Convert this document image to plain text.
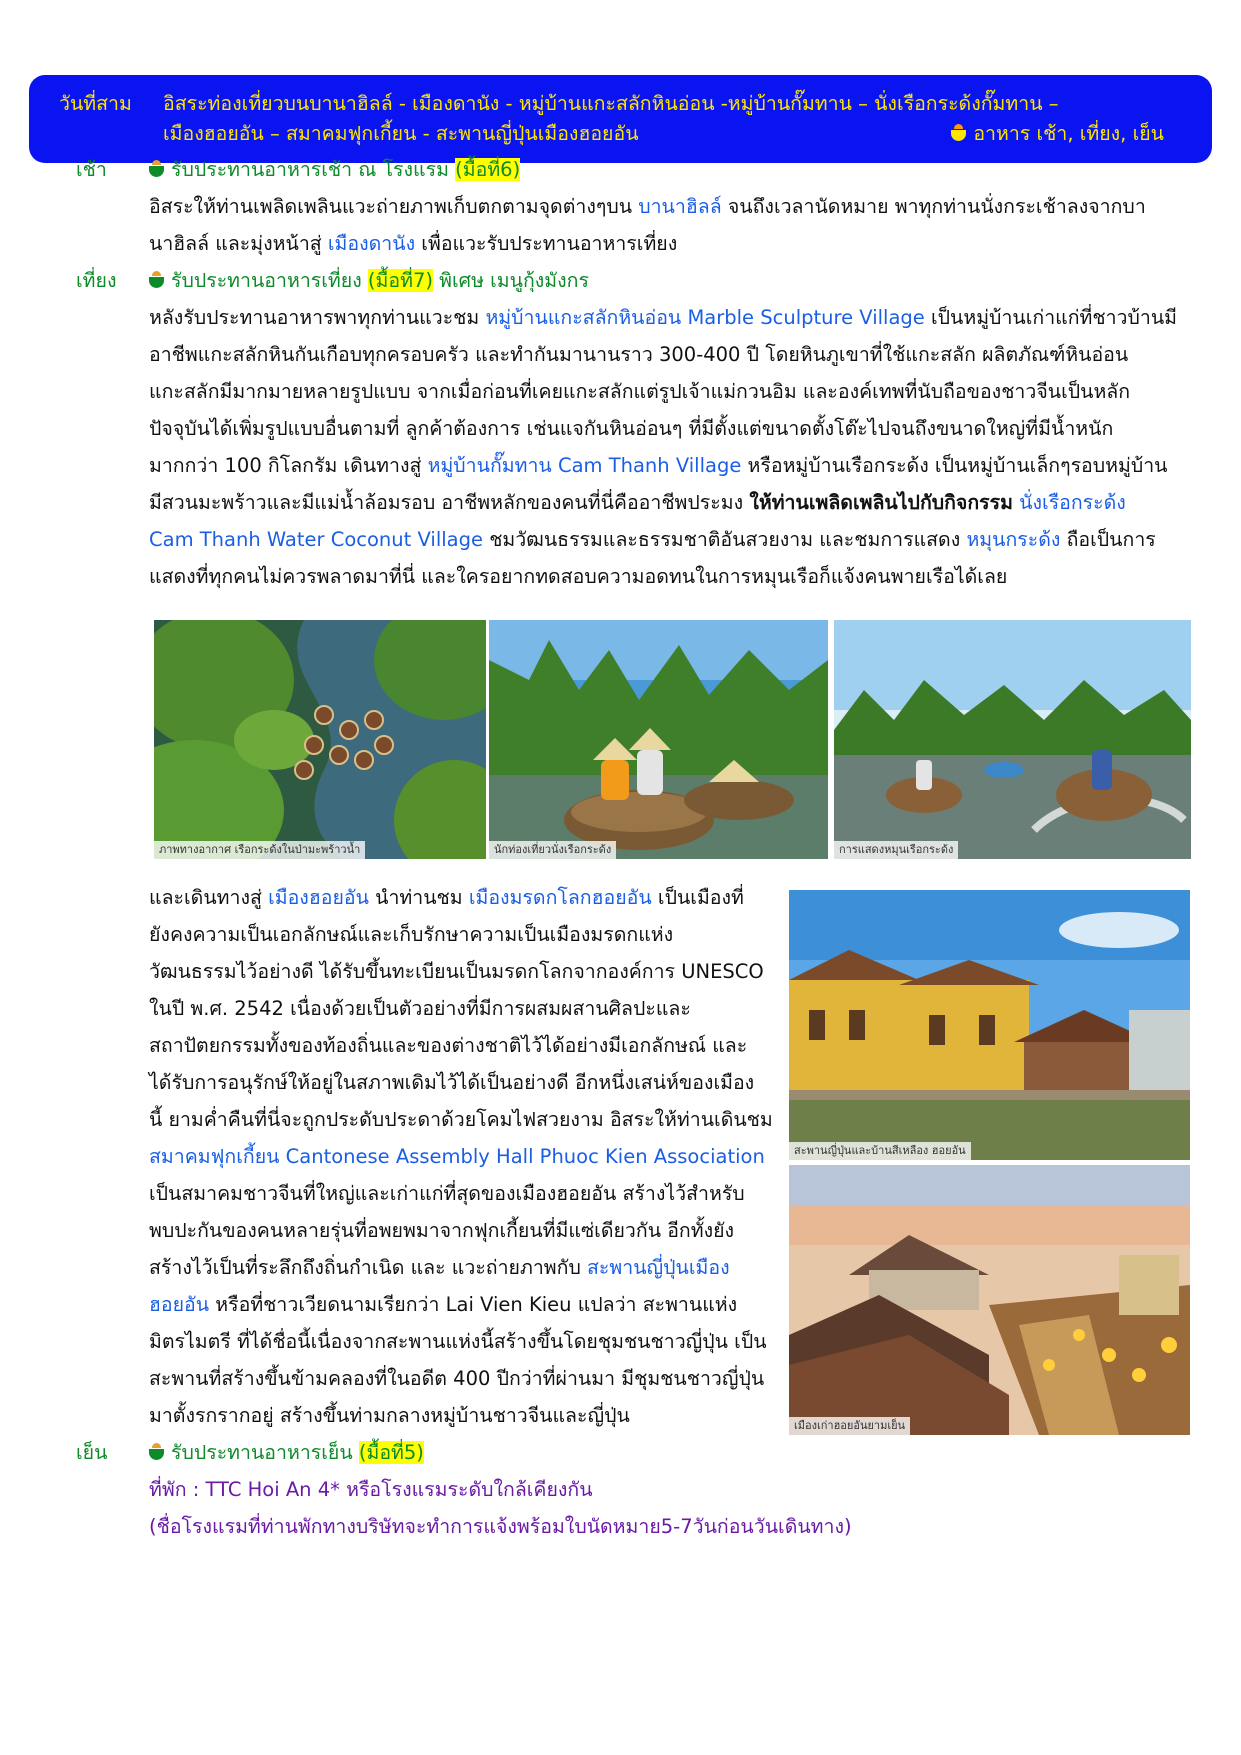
วันที่สาม อิสระท่องเที่ยวบนบานาฮิลล์ - เมืองดานัง - หมู่บ้านแกะสลักหินอ่อน -หมู่บ้านกั๊มทาน – นั่งเรือกระด้งกั๊มทาน –
เมืองฮอยอัน – สมาคมฟุกเกี้ยน - สะพานญี่ปุ่นเมืองฮอยอัน	อาหาร เช้า, เที่ยง, เย็น
เช้า	รับประทานอาหารเช้า ณ โรงแรม (มื้อที่6)
อิสระให้ท่านเพลิดเพลินแวะถ่ายภาพเก็บตกตามจุดต่างๆบน บานาฮิลล์ จนถึงเวลานัดหมาย พาทุกท่านนั่งกระเช้าลงจากบา
นาฮิลล์ และมุ่งหน้าสู่ เมืองดานัง เพื่อแวะรับประทานอาหารเที่ยง
เที่ยง	รับประทานอาหารเที่ยง (มื้อที่7) พิเศษ เมนูกุ้งมังกร
หลังรับประทานอาหารพาทุกท่านแวะชม หมู่บ้านแกะสลักหินอ่อน Marble Sculpture Village เป็นหมู่บ้านเก่าแก่ที่ชาวบ้านมี
อาชีพแกะสลักหินกันเกือบทุกครอบครัว และทำกันมานานราว 300-400 ปี โดยหินภูเขาที่ใช้แกะสลัก ผลิตภัณฑ์หินอ่อน
แกะสลักมีมากมายหลายรูปแบบ จากเมื่อก่อนที่เคยแกะสลักแต่รูปเจ้าแม่กวนอิม และองค์เทพที่นับถือของชาวจีนเป็นหลัก
ปัจจุบันได้เพิ่มรูปแบบอื่นตามที่ ลูกค้าต้องการ เช่นแจกันหินอ่อนๆ ที่มีตั้งแต่ขนาดตั้งโต๊ะไปจนถึงขนาดใหญ่ที่มีน้ำหนัก
มากกว่า 100 กิโลกรัม เดินทางสู่ หมู่บ้านกั๊มทาน Cam Thanh Village หรือหมู่บ้านเรือกระด้ง เป็นหมู่บ้านเล็กๆรอบหมู่บ้าน
มีสวนมะพร้าวและมีแม่น้ำล้อมรอบ อาชีพหลักของคนที่นี่คืออาชีพประมง ให้ท่านเพลิดเพลินไปกับกิจกรรม นั่งเรือกระด้ง
Cam Thanh Water Coconut Village ชมวัฒนธรรมและธรรมชาติอันสวยงาม และชมการแสดง หมุนกระด้ง ถือเป็นการ
แสดงที่ทุกคนไม่ควรพลาดมาที่นี่ และใครอยากทดสอบความอดทนในการหมุนเรือก็แจ้งคนพายเรือได้เลย
ภาพทางอากาศ เรือกระด้งในป่ามะพร้าวน้ำ	นักท่องเที่ยวนั่งเรือกระด้ง	การแสดงหมุนเรือกระด้ง
และเดินทางสู่ เมืองฮอยอัน นำท่านชม เมืองมรดกโลกฮอยอัน เป็นเมืองที่
ยังคงความเป็นเอกลักษณ์และเก็บรักษาความเป็นเมืองมรดกแห่ง
วัฒนธรรมไว้อย่างดี ได้รับขึ้นทะเบียนเป็นมรดกโลกจากองค์การ UNESCO
ในปี พ.ศ. 2542 เนื่องด้วยเป็นตัวอย่างที่มีการผสมผสานศิลปะและ
สถาปัตยกรรมทั้งของท้องถิ่นและของต่างชาติไว้ได้อย่างมีเอกลักษณ์ และ
ได้รับการอนุรักษ์ให้อยู่ในสภาพเดิมไว้ได้เป็นอย่างดี อีกหนึ่งเสน่ห์ของเมือง
นี้ ยามค่ำคืนที่นี่จะถูกประดับประดาด้วยโคมไฟสวยงาม อิสระให้ท่านเดินชม
สมาคมฟุกเกี้ยน Cantonese Assembly Hall Phuoc Kien Association
เป็นสมาคมชาวจีนที่ใหญ่และเก่าแก่ที่สุดของเมืองฮอยอัน สร้างไว้สำหรับ
พบปะกันของคนหลายรุ่นที่อพยพมาจากฟุกเกี้ยนที่มีแซ่เดียวกัน อีกทั้งยัง
สร้างไว้เป็นที่ระลึกถึงถิ่นกำเนิด และ แวะถ่ายภาพกับ สะพานญี่ปุ่นเมือง
ฮอยอัน หรือที่ชาวเวียดนามเรียกว่า Lai Vien Kieu แปลว่า สะพานแห่ง
มิตรไมตรี ที่ได้ชื่อนี้เนื่องจากสะพานแห่งนี้สร้างขึ้นโดยชุมชนชาวญี่ปุ่น เป็น
สะพานที่สร้างขึ้นข้ามคลองที่ในอดีต 400 ปีกว่าที่ผ่านมา มีชุมชนชาวญี่ปุ่น
มาตั้งรกรากอยู่ สร้างขึ้นท่ามกลางหมู่บ้านชาวจีนและญี่ปุ่น
สะพานญี่ปุ่นและบ้านสีเหลือง ฮอยอัน
เมืองเก่าฮอยอันยามเย็น
เย็น	รับประทานอาหารเย็น (มื้อที่5)
ที่พัก : TTC Hoi An 4* หรือโรงแรมระดับใกล้เคียงกัน
(ชื่อโรงแรมที่ท่านพักทางบริษัทจะทำการแจ้งพร้อมใบนัดหมาย5-7วันก่อนวันเดินทาง)
